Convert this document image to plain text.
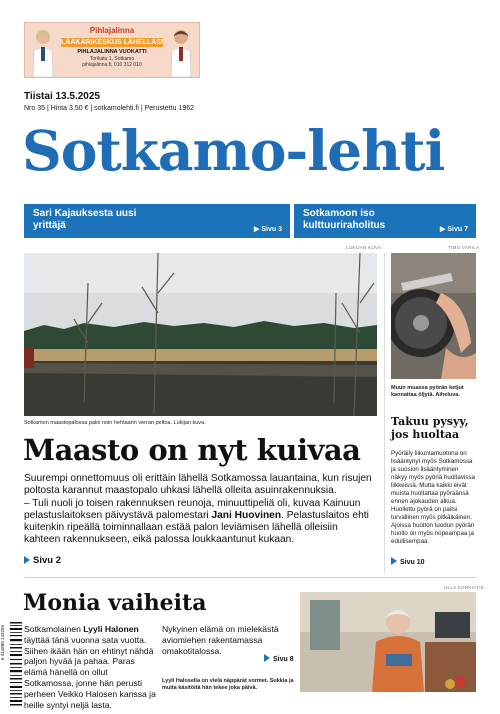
Pihlajalinna
LÄÄKÄRIKESKUS LÄHELLÄSI
PIHLAJALINNA VUOKATTI
Torikatu 1, Sotkamo
pihlajalinna.fi, 010 312 010
Tiistai 13.5.2025
Nro 35 | Hinta 3,50 € | sotkamolehti.fi | Perustettu 1962
Sotkamo-lehti
Sari Kajauksesta uusi yrittäjä	▶ Sivu 3
Sotkamoon iso kulttuuriraholitus	▶ Sivu 7
LUKIJAN KUVA	TIMO VARILA
Sotkamon maastopalossa paloi noin hehtaarin verran peltoa. Lukijan kuva.
Muun muassa pyörän ketjut kannattaa öljytä. Aiheluva.
Maasto on nyt kuivaa
Suurempi onnettomuus oli erittäin lähellä Sotkamossa lauantaina, kun risujen poltosta karannut maastopalo uhkasi lähellä olleita asuinrakennuksia.
– Tuli nuoli jo toisen rakennuksen reunoja, minuuttipeliä oli, kuvaa Kainuun pelastuslaitoksen päivystävä palomestari Jani Huovinen. Pelastuslaitos ehti kuitenkin ripeällä toiminnallaan estää palon leviämisen lähellä olleisiin kahteen rakennukseen, eikä palossa loukkaantunut kukaan.
Sivu 2
Takuu pysyy, jos huoltaa
Pyöräily liikuntamuotona on lisääntynyt myös Sotkamossa ja suosion lisääntyminen näkyy myös pyöriä huoltavissa liikkeissä. Mutta kaikki eivät muista huoltattaa pyöräänsä ennen ajokauden alkua. Huollettu pyörä on paitsi turvallinen myös pitkäikäinen. Ajoissa huolton tuodun pyörän huolto on myös nopeampaa ja edullisempaa.
Sivu 10
ULLA KORKIATIE
Monia vaiheita
Sotkamolainen Lyyli Halonen täyttää tänä vuonna sata vuotta. Siihen ikään hän on ehtinyt nähdä paljon hyvää ja pahaa. Paras elämä hänellä on ollut Sotkamossa, jonne hän perusti perheen Veikko Halosen kanssa ja heille syntyi neljä lasta.
Nykyinen elämä on mielekästä aviomiehen rakentamassa omakotitalossa.
Sivu 8
Lyyli Halosella on vielä näppärät sormet. Sukkia ja muita käsitöitä hän tekee joka päivä.
6 414880 143255
